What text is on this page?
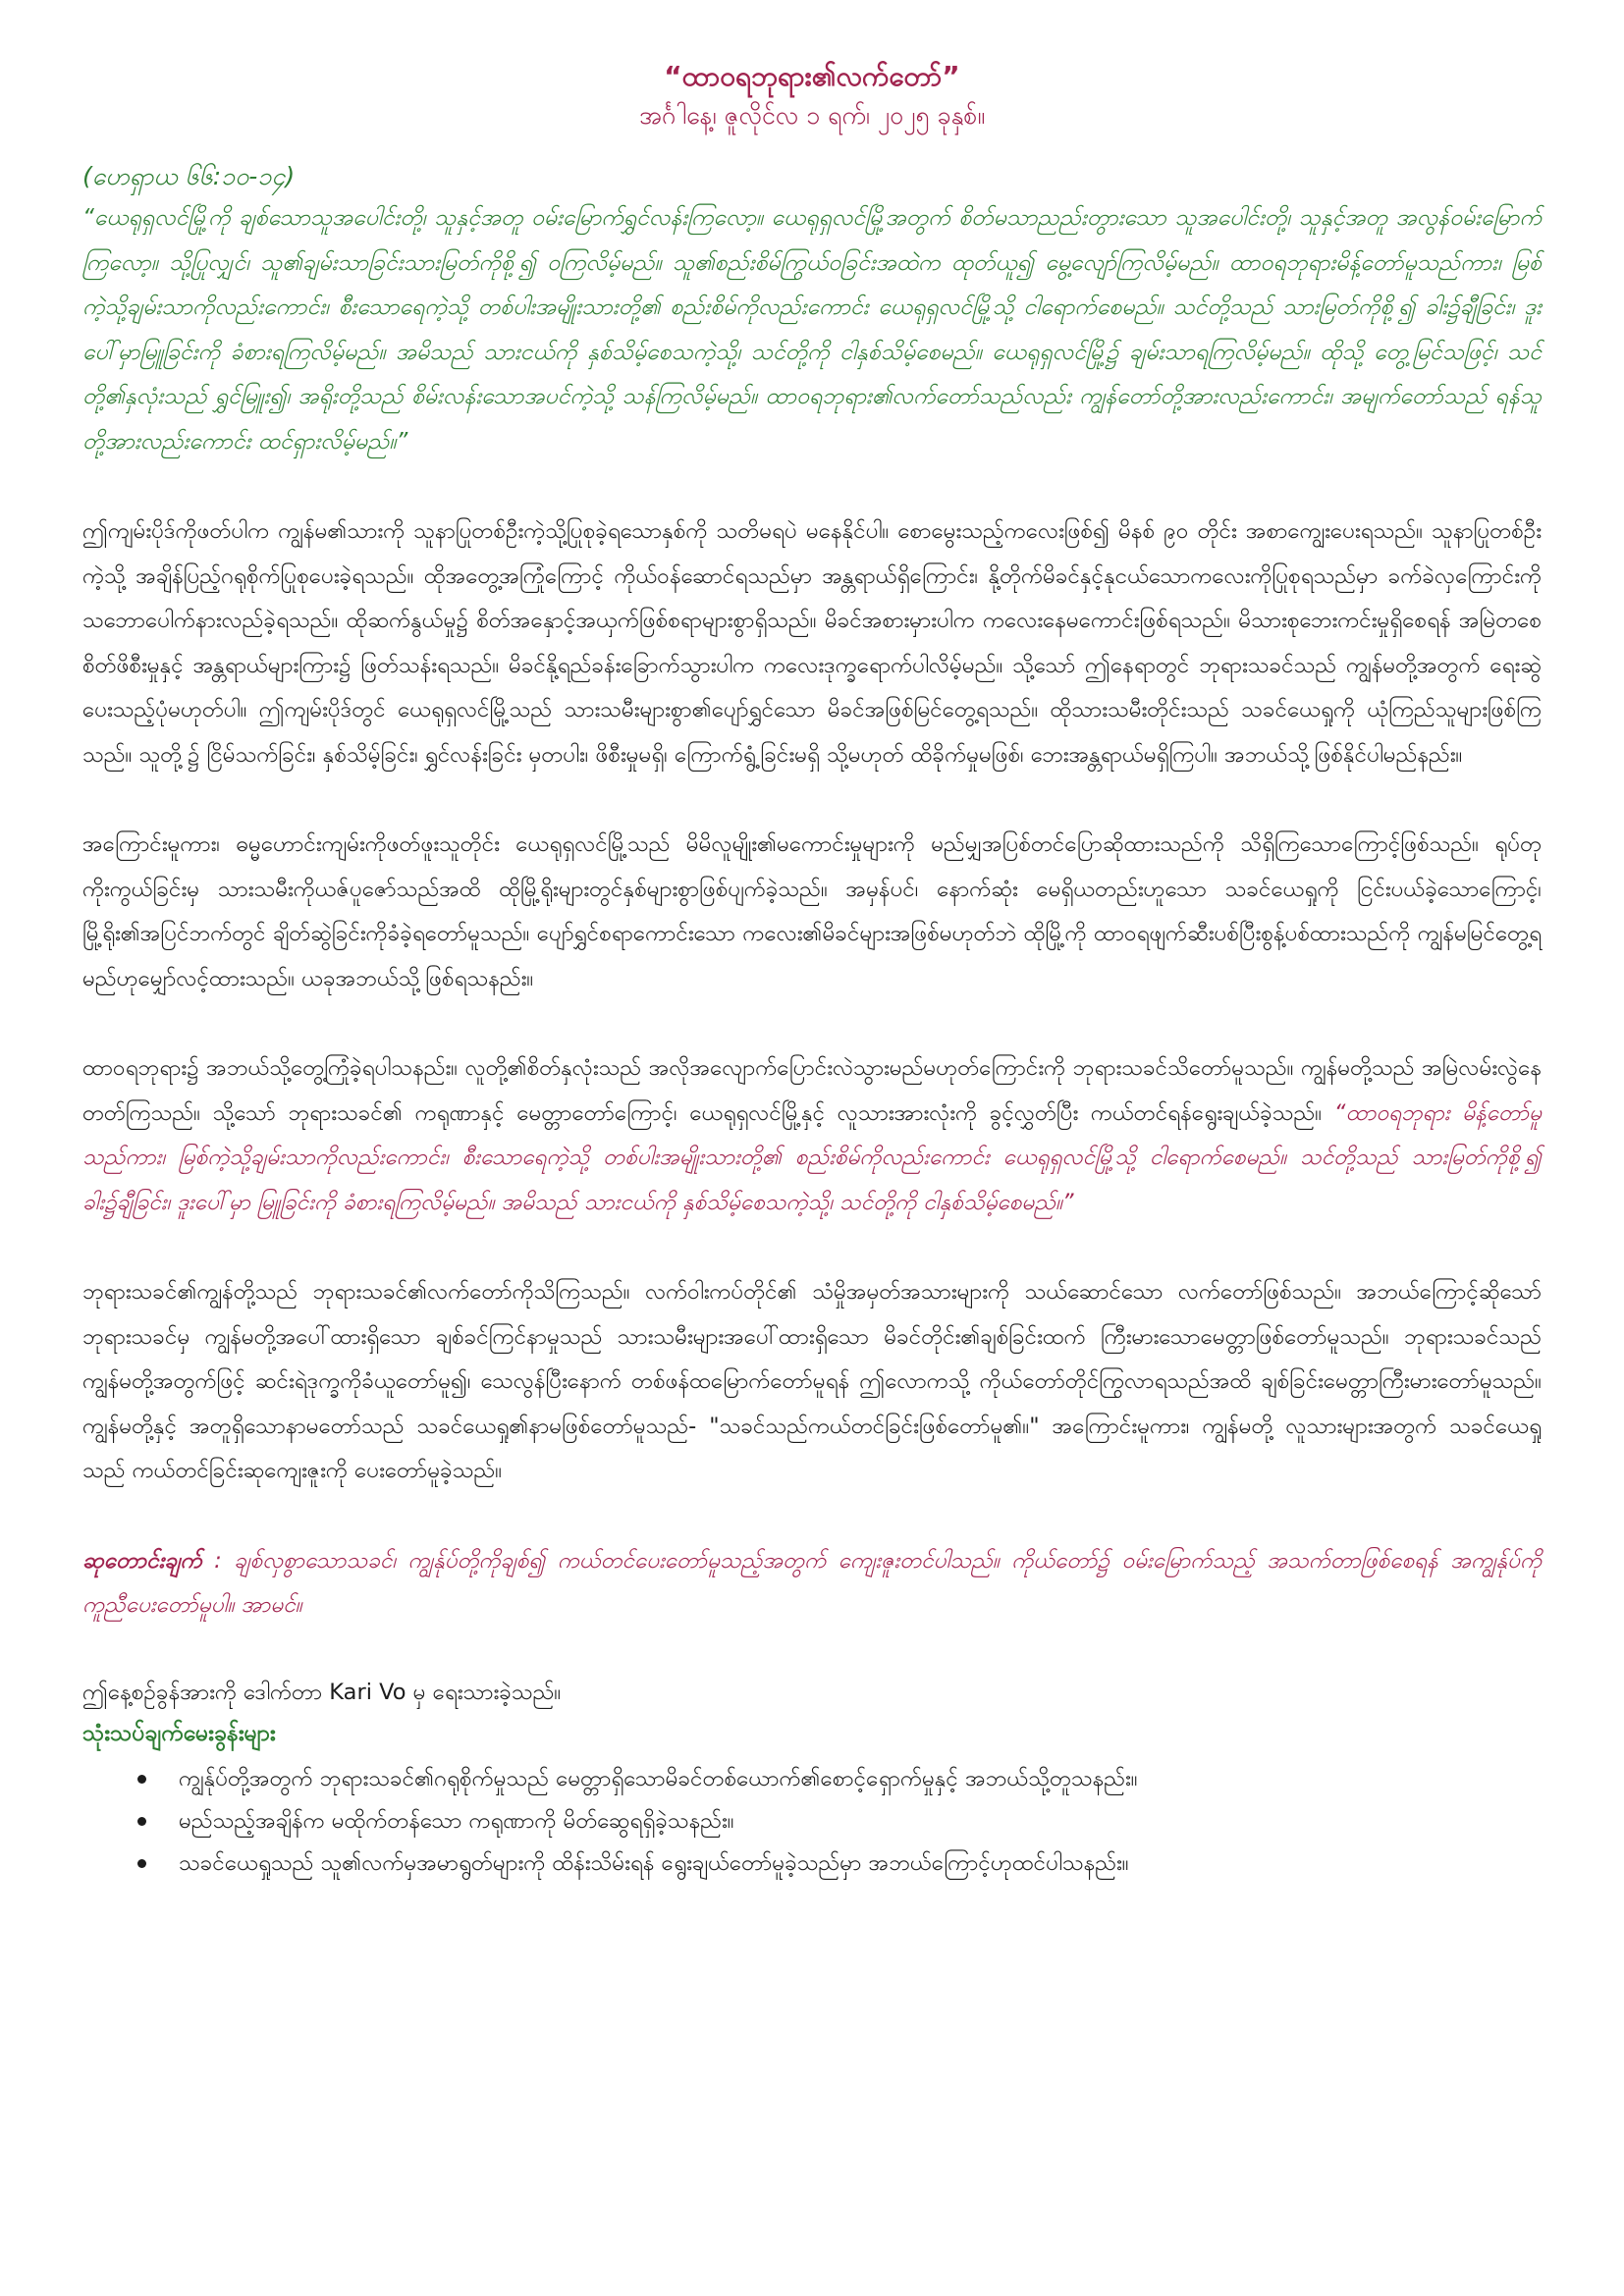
“ထာဝရဘုရား၏လက်တော်”

အင်္ဂါနေ့၊ ဇူလိုင်လ ၁ ရက်၊ ၂၀၂၅ ခုနှစ်။

(ဟေရှာယ ၆၆:၁၀-၁၄)

“ယေရုရှလင်မြို့ကို ချစ်သောသူအပေါင်းတို့၊ သူနှင့်အတူ ဝမ်းမြောက်ရွှင်လန်းကြလော့။ ယေရုရှလင်မြို့အတွက် စိတ်မသာညည်းတွားသော သူအပေါင်းတို့၊ သူနှင့်အတူ အလွန်ဝမ်းမြောက်ကြလော့။ သို့ပြုလျှင်၊ သူ၏ချမ်းသာခြင်းသားမြတ်ကိုစို့၍ ဝကြလိမ့်မည်။ သူ၏စည်းစိမ်ကြွယ်ဝခြင်းအထဲက ထုတ်ယူ၍ မွေ့လျော်ကြလိမ့်မည်။ ထာဝရဘုရားမိန့်တော်မူသည်ကား၊ မြစ်ကဲ့သို့ချမ်းသာကိုလည်းကောင်း၊ စီးသောရေကဲ့သို့ တစ်ပါးအမျိုးသားတို့၏ စည်းစိမ်ကိုလည်းကောင်း ယေရုရှလင်မြို့သို့ ငါရောက်စေမည်။ သင်တို့သည် သားမြတ်ကိုစို့၍ ခါး၌ချီခြင်း၊ ဒူးပေါ်မှာမြူခြင်းကို ခံစားရကြလိမ့်မည်။ အမိသည် သားငယ်ကို နှစ်သိမ့်စေသကဲ့သို့၊ သင်တို့ကို ငါနှစ်သိမ့်စေမည်။ ယေရုရှလင်မြို့၌ ချမ်းသာရကြလိမ့်မည်။ ထိုသို့ တွေ့မြင်သဖြင့်၊ သင်တို့၏နှလုံးသည် ရွှင်မြူး၍၊ အရိုးတို့သည် စိမ်းလန်းသောအပင်ကဲ့သို့ သန်ကြလိမ့်မည်။ ထာဝရဘုရား၏လက်တော်သည်လည်း ကျွန်တော်တို့အားလည်းကောင်း၊ အမျက်တော်သည် ရန်သူတို့အားလည်းကောင်း ထင်ရှားလိမ့်မည်။”

ဤကျမ်းပိုဒ်ကိုဖတ်ပါက ကျွန်မ၏သားကို သူနာပြုတစ်ဦးကဲ့သို့ပြုစုခဲ့ရသောနှစ်ကို သတိမရပဲ မနေနိုင်ပါ။ စောမွေးသည့်ကလေးဖြစ်၍ မိနစ် ၉၀ တိုင်း အစာကျွေးပေးရသည်။ သူနာပြုတစ်ဦးကဲ့သို့ အချိန်ပြည့်ဂရုစိုက်ပြုစုပေးခဲ့ရသည်။ ထိုအတွေ့အကြုံကြောင့် ကိုယ်ဝန်ဆောင်ရသည်မှာ အန္တရာယ်ရှိကြောင်း၊ နို့တိုက်မိခင်နှင့်နုငယ်သောကလေးကိုပြုစုရသည်မှာ ခက်ခဲလှကြောင်းကို သဘောပေါက်နားလည်ခဲ့ရသည်။ ထိုဆက်နွယ်မှု၌ စိတ်အနှောင့်အယှက်ဖြစ်စရာများစွာရှိသည်။ မိခင်အစားမှားပါက ကလေးနေမကောင်းဖြစ်ရသည်။ မိသားစုဘေးကင်းမှုရှိစေရန် အမြဲတစေ စိတ်ဖိစီးမှုနှင့် အန္တရာယ်များကြား၌ ဖြတ်သန်းရသည်။ မိခင်နို့ရည်ခန်းခြောက်သွားပါက ကလေးဒုက္ခရောက်ပါလိမ့်မည်။ သို့သော် ဤနေရာတွင် ဘုရားသခင်သည် ကျွန်မတို့အတွက် ရေးဆွဲပေးသည့်ပုံမဟုတ်ပါ။ ဤကျမ်းပိုဒ်တွင် ယေရုရှလင်မြို့သည် သားသမီးများစွာ၏ပျော်ရွှင်သော မိခင်အဖြစ်မြင်တွေ့ရသည်။ ထိုသားသမီးတိုင်းသည် သခင်ယေရှုကို ယုံကြည်သူများဖြစ်ကြသည်။ သူတို့၌ ငြိမ်သက်ခြင်း၊ နှစ်သိမ့်ခြင်း၊ ရွှင်လန်းခြင်း မှတပါး၊ ဖိစီးမှုမရှိ၊ ကြောက်ရွံ့ခြင်းမရှိ သို့မဟုတ် ထိခိုက်မှုမဖြစ်၊ ဘေးအန္တရာယ်မရှိကြပါ။ အဘယ်သို့ဖြစ်နိုင်ပါမည်နည်း။

အကြောင်းမူကား၊ ဓမ္မဟောင်းကျမ်းကိုဖတ်ဖူးသူတိုင်း ယေရုရှလင်မြို့သည် မိမိလူမျိုး၏မကောင်းမှုများကို မည်မျှအပြစ်တင်ပြောဆိုထားသည်ကို သိရှိကြသောကြောင့်ဖြစ်သည်။ ရုပ်တုကိုးကွယ်ခြင်းမှ သားသမီးကိုယဇ်ပူဇော်သည်အထိ ထိုမြို့ရိုးများတွင်နှစ်များစွာဖြစ်ပျက်ခဲ့သည်။ အမှန်ပင်၊ နောက်ဆုံး မေရှိယတည်းဟူသော သခင်ယေရှုကို ငြင်းပယ်ခဲ့သောကြောင့်၊ မြို့ရိုး၏အပြင်ဘက်တွင် ချိတ်ဆွဲခြင်းကိုခံခဲ့ရတော်မူသည်။ ပျော်ရွှင်စရာကောင်းသော ကလေး၏မိခင်များအဖြစ်မဟုတ်ဘဲ ထိုမြို့ကို ထာဝရဖျက်ဆီးပစ်ပြီးစွန့်ပစ်ထားသည်ကို ကျွန်မမြင်တွေ့ရမည်ဟုမျှော်လင့်ထားသည်။ ယခုအဘယ်သို့ဖြစ်ရသနည်း။

ထာဝရဘုရား၌ အဘယ်သို့တွေ့ကြုံခဲ့ရပါသနည်း။ လူတို့၏စိတ်နှလုံးသည် အလိုအလျောက်ပြောင်းလဲသွားမည်မဟုတ်ကြောင်းကို ဘုရားသခင်သိတော်မူသည်။ ကျွန်မတို့သည် အမြဲလမ်းလွဲနေတတ်ကြသည်။ သို့သော် ဘုရားသခင်၏ ကရုဏာနှင့် မေတ္တာတော်ကြောင့်၊ ယေရုရှလင်မြို့နှင့် လူသားအားလုံးကို ခွင့်လွှတ်ပြီး ကယ်တင်ရန်ရွေးချယ်ခဲ့သည်။ “ထာဝရဘုရား မိန့်တော်မူသည်ကား၊ မြစ်ကဲ့သို့ချမ်းသာကိုလည်းကောင်း၊ စီးသောရေကဲ့သို့ တစ်ပါးအမျိုးသားတို့၏ စည်းစိမ်ကိုလည်းကောင်း ယေရုရှလင်မြို့သို့ ငါရောက်စေမည်။ သင်တို့သည် သားမြတ်ကိုစို့၍ ခါး၌ချီခြင်း၊ ဒူးပေါ်မှာ မြူခြင်းကို ခံစားရကြလိမ့်မည်။ အမိသည် သားငယ်ကို နှစ်သိမ့်စေသကဲ့သို့၊ သင်တို့ကို ငါနှစ်သိမ့်စေမည်။”

ဘုရားသခင်၏ကျွန်တို့သည် ဘုရားသခင်၏လက်တော်ကိုသိကြသည်။ လက်ဝါးကပ်တိုင်၏ သံမှိုအမှတ်အသားများကို သယ်ဆောင်သော လက်တော်ဖြစ်သည်။ အဘယ်ကြောင့်ဆိုသော် ဘုရားသခင်မှ ကျွန်မတို့အပေါ်ထားရှိသော ချစ်ခင်ကြင်နာမှုသည် သားသမီးများအပေါ်ထားရှိသော မိခင်တိုင်း၏ချစ်ခြင်းထက် ကြီးမားသောမေတ္တာဖြစ်တော်မူသည်။ ဘုရားသခင်သည် ကျွန်မတို့အတွက်ဖြင့် ဆင်းရဲဒုက္ခကိုခံယူတော်မူ၍၊ သေလွန်ပြီးနောက် တစ်ဖန်ထမြောက်တော်မူရန် ဤလောကသို့ ကိုယ်တော်တိုင်ကြွလာရသည်အထိ ချစ်ခြင်းမေတ္တာကြီးမားတော်မူသည်။ ကျွန်မတို့နှင့် အတူရှိသောနာမတော်သည် သခင်ယေရှု၏နာမဖြစ်တော်မူသည်- "သခင်သည်ကယ်တင်ခြင်းဖြစ်တော်မူ၏။" အကြောင်းမူကား၊ ကျွန်မတို့ လူသားများအတွက် သခင်ယေရှုသည် ကယ်တင်ခြင်းဆုကျေးဇူးကို ပေးတော်မူခဲ့သည်။

ဆုတောင်းချက် : ချစ်လှစွာသောသခင်၊ ကျွန်ုပ်တို့ကိုချစ်၍ ကယ်တင်ပေးတော်မူသည့်အတွက် ကျေးဇူးတင်ပါသည်။ ကိုယ်တော်၌ ဝမ်းမြောက်သည့် အသက်တာဖြစ်စေရန် အကျွန်ုပ်ကို ကူညီပေးတော်မူပါ။ အာမင်။

ဤနေ့စဉ်ခွန်အားကို ဒေါက်တာ Kari Vo မှ ရေးသားခဲ့သည်။

သုံးသပ်ချက်မေးခွန်းများ

ကျွန်ုပ်တို့အတွက် ဘုရားသခင်၏ဂရုစိုက်မှုသည် မေတ္တာရှိသောမိခင်တစ်ယောက်၏စောင့်ရှောက်မှုနှင့် အဘယ်သို့တူသနည်း။
မည်သည့်အချိန်က မထိုက်တန်သော ကရုဏာကို မိတ်ဆွေရရှိခဲ့သနည်း။
သခင်ယေရှုသည် သူ၏လက်မှအမာရွတ်များကို ထိန်းသိမ်းရန် ရွေးချယ်တော်မူခဲ့သည်မှာ အဘယ်ကြောင့်ဟုထင်ပါသနည်း။
